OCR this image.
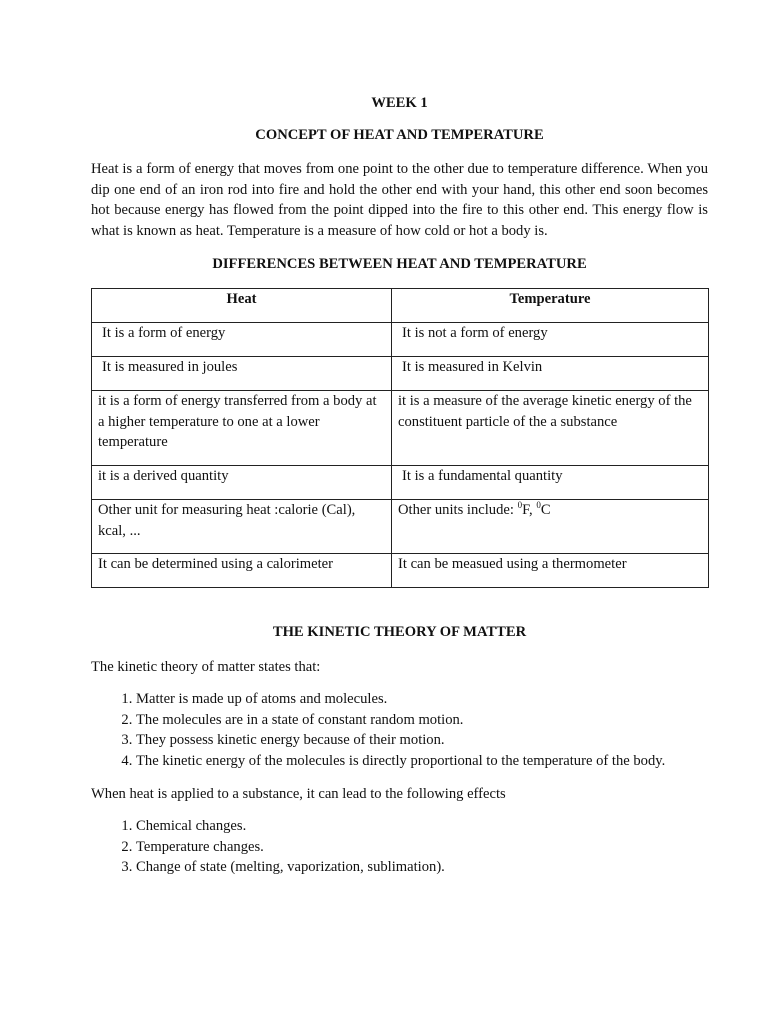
WEEK 1

CONCEPT OF HEAT AND TEMPERATURE

Heat is a form of energy that moves from one point to the other due to temperature difference. When you dip one end of an iron rod into fire and hold the other end with your hand, this other end soon becomes hot because energy has flowed from the point dipped into the fire to this other end. This energy flow is what is known as heat. Temperature is a measure of how cold or hot a body is.

DIFFERENCES BETWEEN HEAT AND TEMPERATURE

Heat	Temperature
It is a form of energy	It is not a form of energy
It is measured in joules	It is measured in Kelvin
it is a form of energy transferred from a body at a higher temperature to one at a lower temperature	it is a measure of the average kinetic energy of the constituent particle of the a substance
it is a derived quantity	It is a fundamental quantity
Other unit for measuring heat :calorie (Cal), kcal, ...	Other units include: $^0$F, $^0$C
It can be determined using a calorimeter	It can be measued using a thermometer

THE KINETIC THEORY OF MATTER

The kinetic theory of matter states that:

1. Matter is made up of atoms and molecules.
2. The molecules are in a state of constant random motion.
3. They possess kinetic energy because of their motion.
4. The kinetic energy of the molecules is directly proportional to the temperature of the body.

When heat is applied to a substance, it can lead to the following effects

1. Chemical changes.
2. Temperature changes.
3. Change of state (melting, vaporization, sublimation).
